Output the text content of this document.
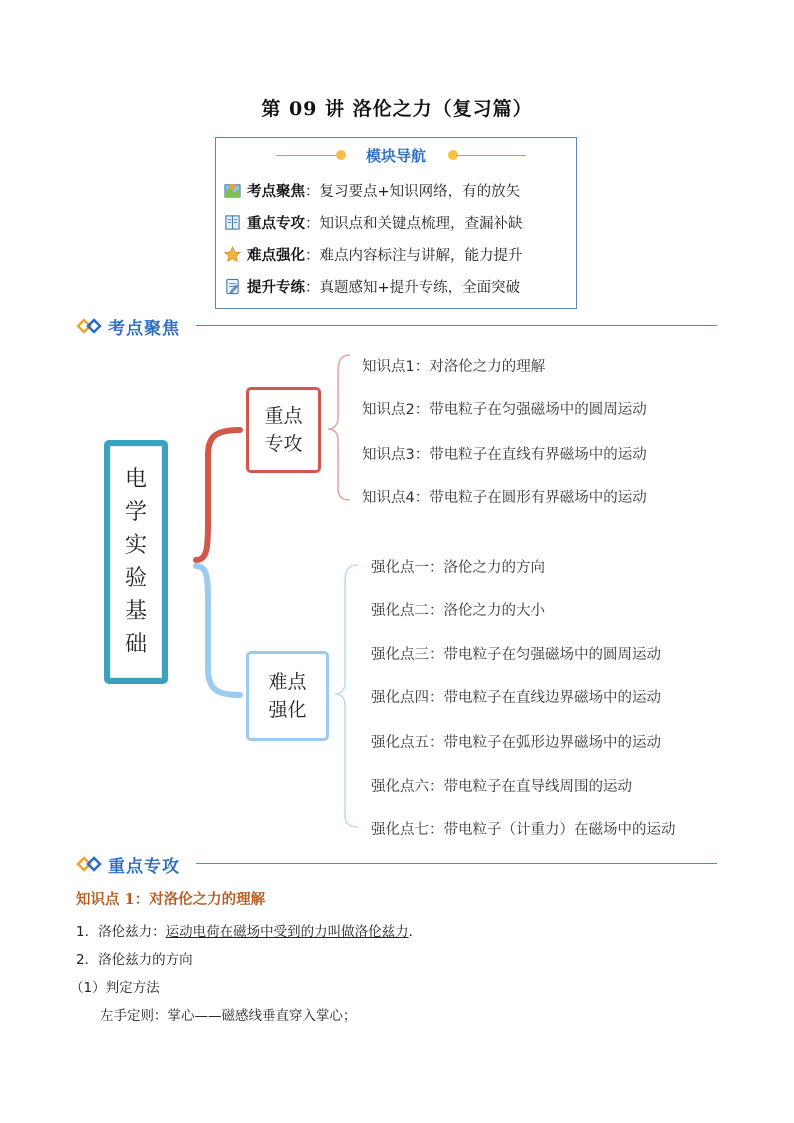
第 09 讲 洛伦之力（复习篇）
模块导航
考点聚焦 ：复习要点+知识网络，有的放矢
重点专攻 ：知识点和关键点梳理，查漏补缺
难点强化 ：难点内容标注与讲解，能力提升
提升专练 ：真题感知+提升专练，全面突破
考点聚焦
电学实验基础
重点专攻
难点强化
知识点1：对洛伦之力的理解
知识点2：带电粒子在匀强磁场中的圆周运动
知识点3：带电粒子在直线有界磁场中的运动
知识点4：带电粒子在圆形有界磁场中的运动
强化点一：洛伦之力的方向
强化点二：洛伦之力的大小
强化点三：带电粒子在匀强磁场中的圆周运动
强化点四：带电粒子在直线边界磁场中的运动
强化点五：带电粒子在弧形边界磁场中的运动
强化点六：带电粒子在直导线周围的运动
强化点七：带电粒子（计重力）在磁场中的运动
重点专攻
知识点 1：对洛伦之力的理解
1．洛伦兹力：运动电荷在磁场中受到的力叫做洛伦兹力．
2．洛伦兹力的方向
（1）判定方法
左手定则：掌心——磁感线垂直穿入掌心；
